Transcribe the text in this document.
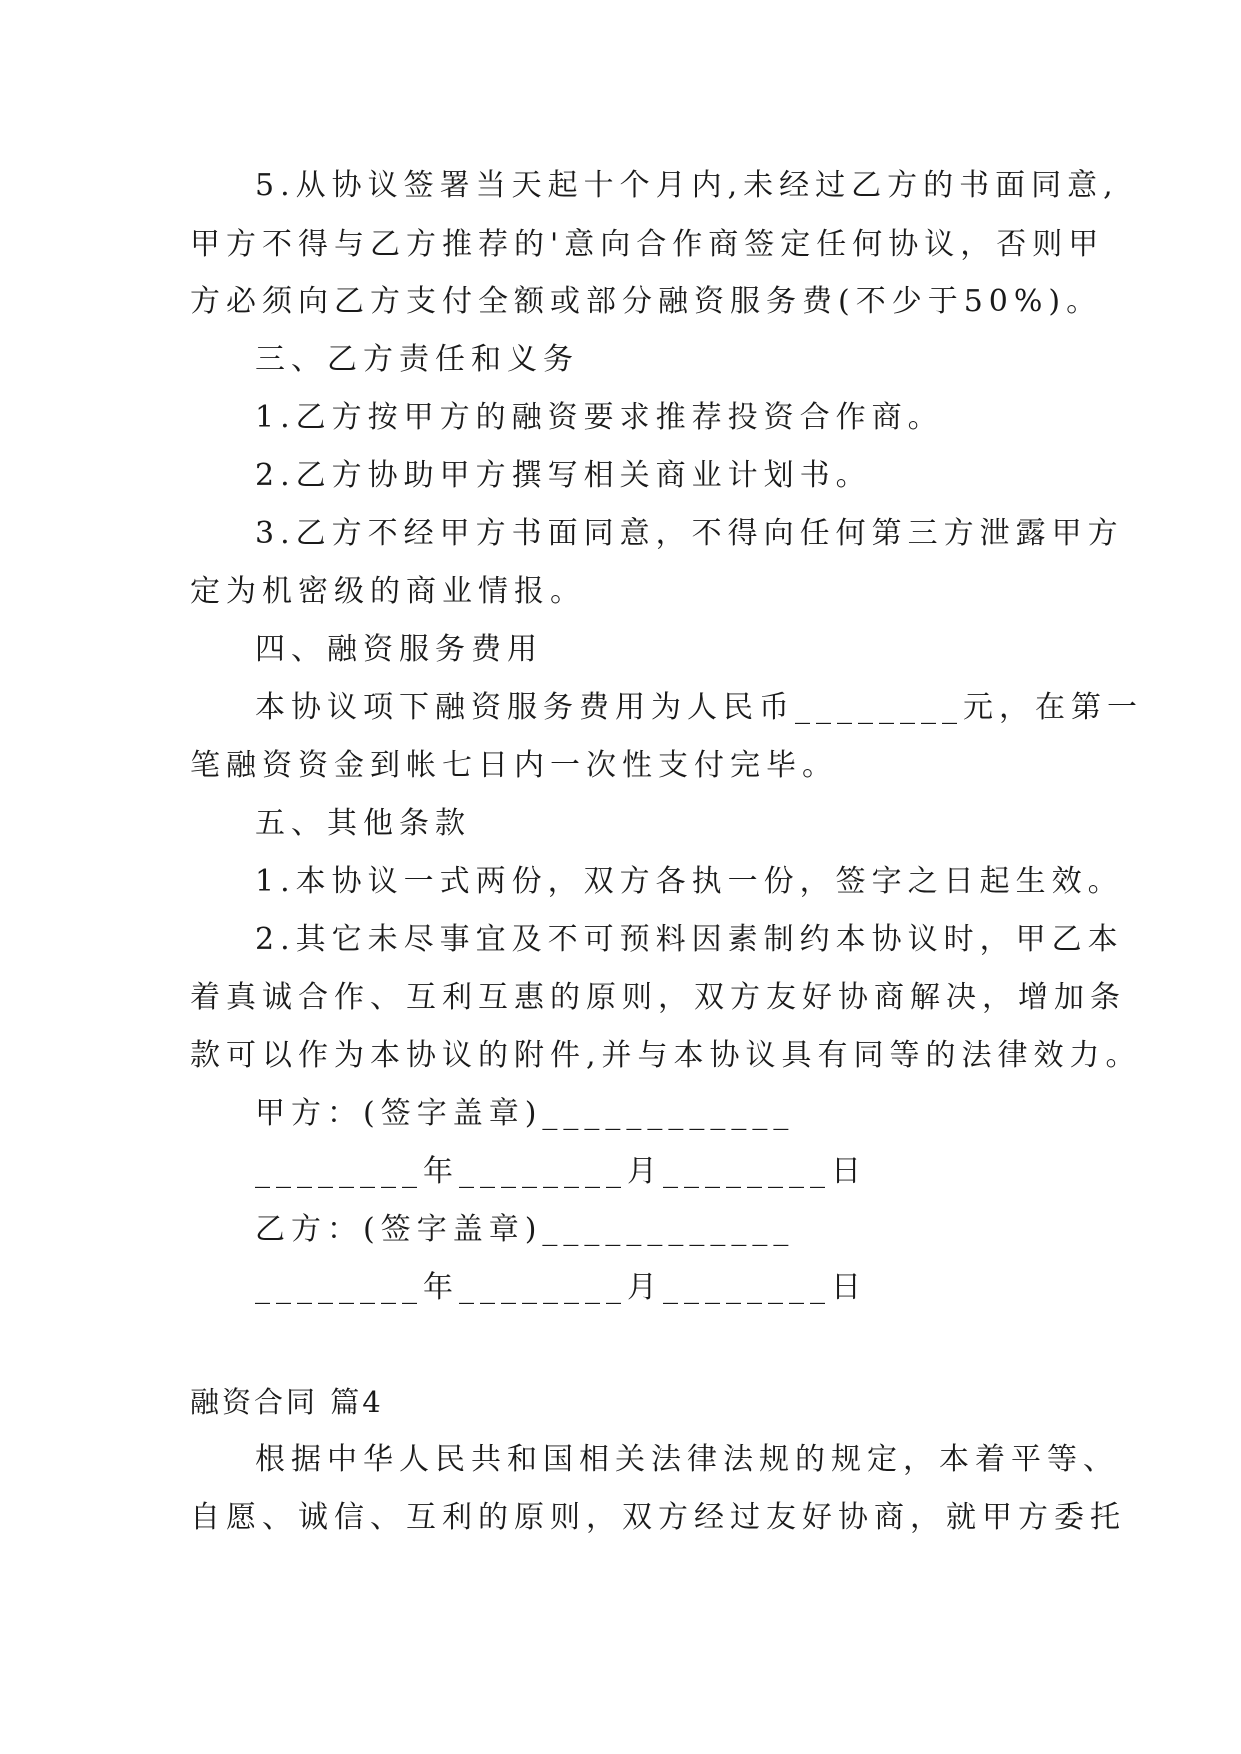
5.从协议签署当天起十个月内,未经过乙方的书面同意,
甲方不得与乙方推荐的'意向合作商签定任何协议，否则甲
方必须向乙方支付全额或部分融资服务费(不少于50%)。
三、乙方责任和义务
1.乙方按甲方的融资要求推荐投资合作商。
2.乙方协助甲方撰写相关商业计划书。
3.乙方不经甲方书面同意，不得向任何第三方泄露甲方
定为机密级的商业情报。
四、融资服务费用
本协议项下融资服务费用为人民币________元，在第一
笔融资资金到帐七日内一次性支付完毕。
五、其他条款
1.本协议一式两份，双方各执一份，签字之日起生效。
2.其它未尽事宜及不可预料因素制约本协议时，甲乙本
着真诚合作、互利互惠的原则，双方友好协商解决，增加条
款可以作为本协议的附件,并与本协议具有同等的法律效力。
甲方：(签字盖章)____________
________年________月________日
乙方：(签字盖章)____________
________年________月________日
融资合同 篇4
根据中华人民共和国相关法律法规的规定，本着平等、
自愿、诚信、互利的原则，双方经过友好协商，就甲方委托
